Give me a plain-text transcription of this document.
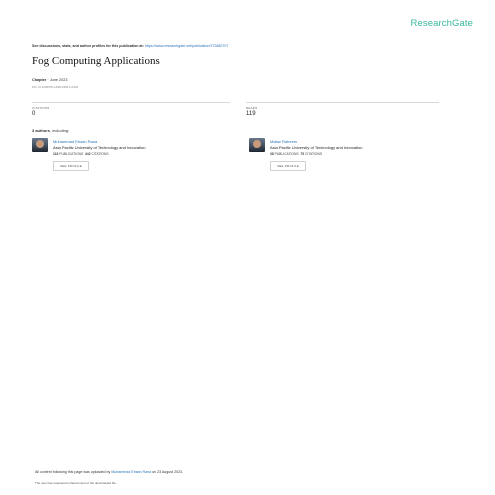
ResearchGate
See discussions, stats, and author profiles for this publication at: https://www.researchgate.net/publication/372880707
Fog Computing Applications
Chapter · June 2023
DOI: 10.4018/978-1-6684-6696-5.ch003
CITATIONS
0
READS
119
3 authors, including:
Muhammad Ehsan Rana
Asia Pacific University of Technology and Innovation
118 PUBLICATIONS 442 CITATIONS
SEE PROFILE
Mafaz Raheem
Asia Pacific University of Technology and Innovation
38 PUBLICATIONS 75 CITATIONS
SEE PROFILE
All content following this page was uploaded by Muhammad Ehsan Rana on 23 August 2023.
The user has requested enhancement of the downloaded file.
